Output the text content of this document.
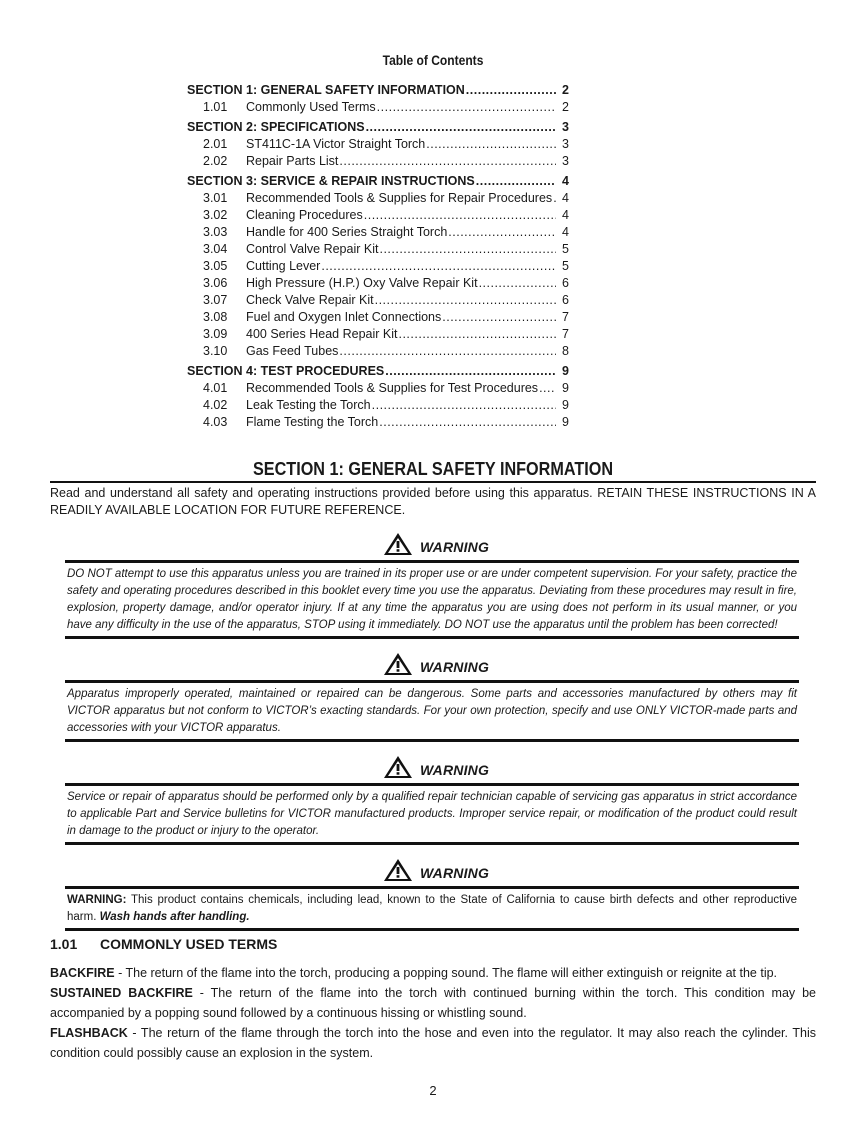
Table of Contents
SECTION 1: GENERAL SAFETY INFORMATION .....	2
1.01	Commonly Used Terms .....	2
SECTION 2: SPECIFICATIONS .....	3
2.01	ST411C-1A Victor Straight Torch .....	3
2.02	Repair Parts List .....	3
SECTION 3: SERVICE & REPAIR INSTRUCTIONS .....	4
3.01	Recommended Tools & Supplies for Repair Procedures ..... 4
3.02	Cleaning Procedures .....	4
3.03	Handle for 400 Series Straight Torch .....	4
3.04	Control Valve Repair Kit .....	5
3.05	Cutting Lever .....	5
3.06	High Pressure (H.P.) Oxy Valve Repair Kit .....	6
3.07	Check Valve Repair Kit .....	6
3.08	Fuel and Oxygen Inlet Connections .....	7
3.09	400 Series Head Repair Kit .....	7
3.10	Gas Feed Tubes .....	8
SECTION 4: TEST PROCEDURES .....	9
4.01	Recommended Tools & Supplies for Test Procedures .....	9
4.02	Leak Testing the Torch .....	9
4.03	Flame Testing the Torch .....	9
SECTION 1: GENERAL SAFETY INFORMATION
Read and understand all safety and operating instructions provided before using this apparatus. RETAIN THESE INSTRUCTIONS IN A READILY AVAILABLE LOCATION FOR FUTURE REFERENCE.
WARNING
DO NOT attempt to use this apparatus unless you are trained in its proper use or are under competent supervision. For your safety, practice the safety and operating procedures described in this booklet every time you use the apparatus. Deviating from these procedures may result in fire, explosion, property damage, and/or operator injury. If at any time the apparatus you are using does not perform in its usual manner, or you have any difficulty in the use of the apparatus, STOP using it immediately. DO NOT use the apparatus until the problem has been corrected!
WARNING
Apparatus improperly operated, maintained or repaired can be dangerous. Some parts and accessories manufactured by others may fit VICTOR apparatus but not conform to VICTOR’s exacting standards. For your own protection, specify and use ONLY VICTOR-made parts and accessories with your VICTOR apparatus.
WARNING
Service or repair of apparatus should be performed only by a qualified repair technician capable of servicing gas apparatus in strict accordance to applicable Part and Service bulletins for VICTOR manufactured products. Improper service repair, or modification of the product could result in damage to the product or injury to the operator.
WARNING
WARNING: This product contains chemicals, including lead, known to the State of California to cause birth defects and other reproductive harm. Wash hands after handling.
1.01 COMMONLY USED TERMS

BACKFIRE - The return of the flame into the torch, producing a popping sound. The flame will either extinguish or reignite at the tip.

SUSTAINED BACKFIRE - The return of the flame into the torch with continued burning within the torch. This condition may be accompanied by a popping sound followed by a continuous hissing or whistling sound.

FLASHBACK - The return of the flame through the torch into the hose and even into the regulator. It may also reach the cylinder. This condition could possibly cause an explosion in the system.

2
